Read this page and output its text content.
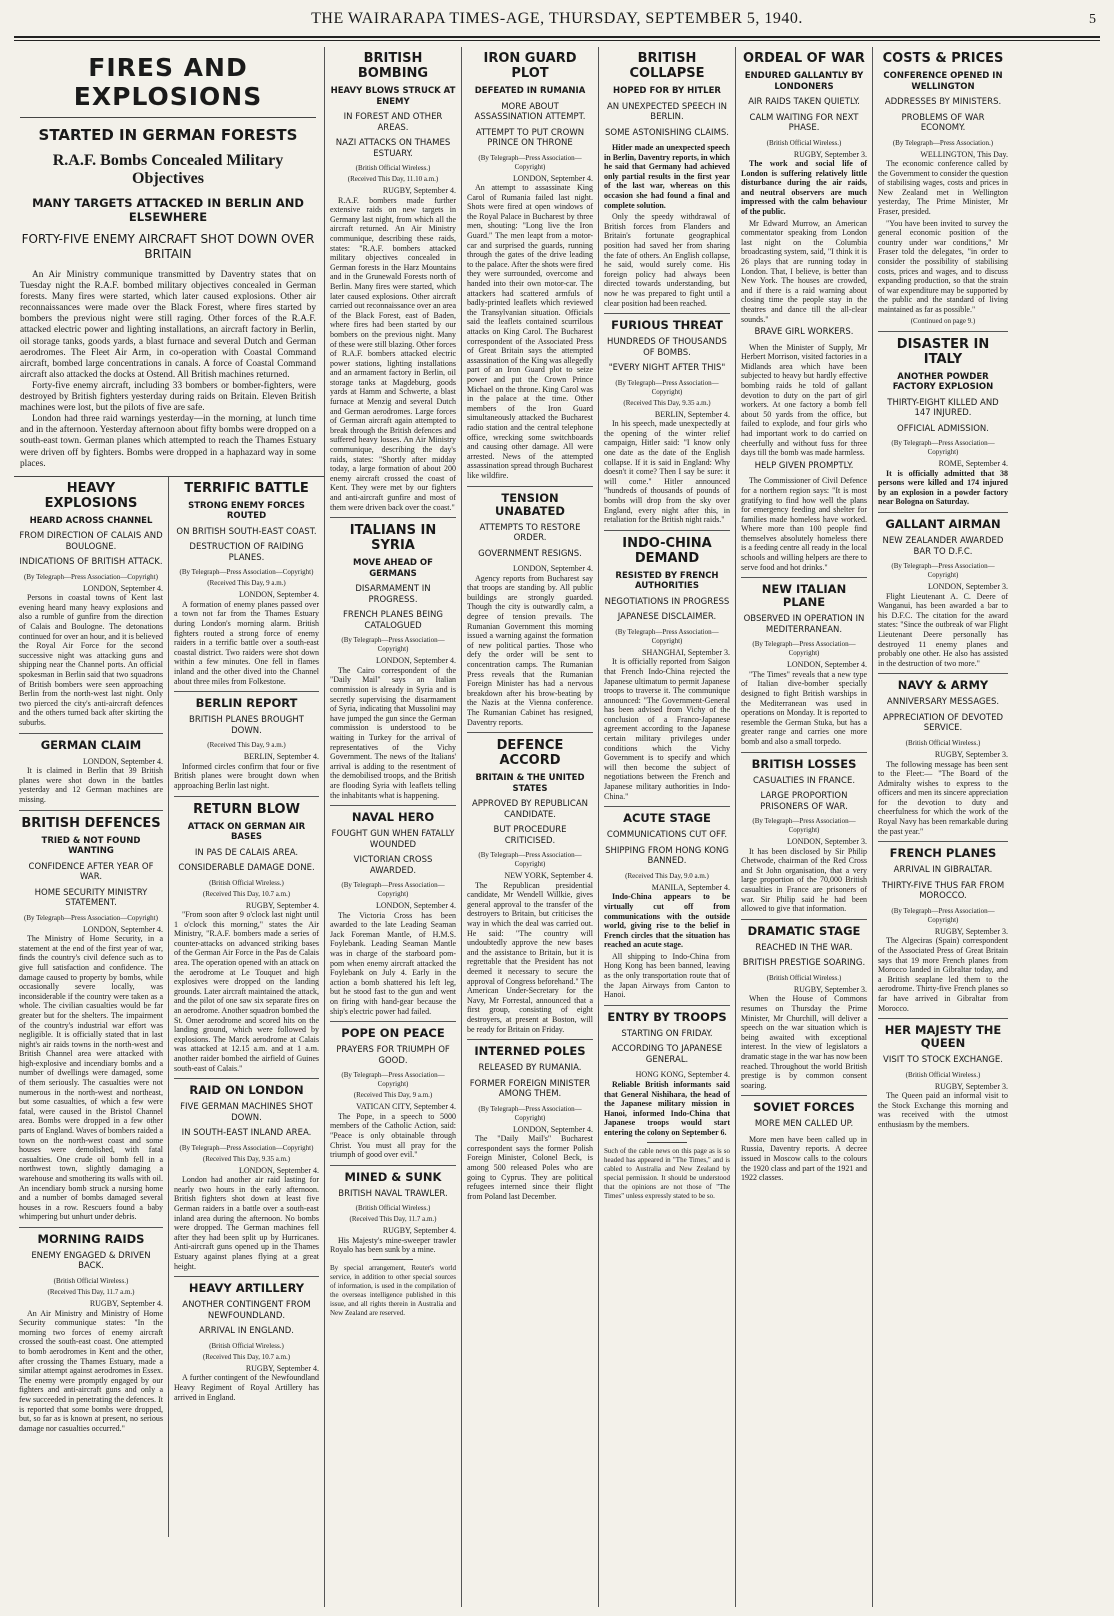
THE WAIRARAPA TIMES-AGE, THURSDAY, SEPTEMBER 5, 1940.	5
FIRES AND EXPLOSIONS
STARTED IN GERMAN FORESTS
R.A.F. Bombs Concealed Military Objectives
MANY TARGETS ATTACKED IN BERLIN AND ELSEWHERE
FORTY-FIVE ENEMY AIRCRAFT SHOT DOWN OVER BRITAIN

An Air Ministry communique transmitted by Daventry states that on Tuesday night the R.A.F. bombed military objectives concealed in German forests. Many fires were started, which later caused explosions. Other air reconnaissances were made over the Black Forest, where fires started by bombers the previous night were still raging. Other forces of the R.A.F. attacked electric power and lighting installations, an aircraft factory in Berlin, oil storage tanks, goods yards, a blast furnace and several Dutch and German aerodromes. The Fleet Air Arm, in co-operation with Coastal Command aircraft, bombed large concentrations in canals. A force of Coastal Command aircraft also attacked the docks at Ostend. All British machines returned.

Forty-five enemy aircraft, including 33 bombers or bomber-fighters, were destroyed by British fighters yesterday during raids on Britain. Eleven British machines were lost, but the pilots of five are safe.

London had three raid warnings yesterday—in the morning, at lunch time and in the afternoon. Yesterday afternoon about fifty bombs were dropped on a south-east town. German planes which attempted to reach the Thames Estuary were driven off by fighters. Bombs were dropped in a haphazard way in some places.

HEAVY EXPLOSIONS
HEARD ACROSS CHANNEL
FROM DIRECTION OF CALAIS AND BOULOGNE.
INDICATIONS OF BRITISH ATTACK.
(By Telegraph—Press Association—Copyright)
LONDON, September 4.

Persons in coastal towns of Kent last evening heard many heavy explosions and also a rumble of gunfire from the direction of Calais and Boulogne. The detonations continued for over an hour, and it is believed the Royal Air Force for the second successive night was attacking guns and shipping near the Channel ports. An official spokesman in Berlin said that two squadrons of British bombers were seen approaching Berlin from the north-west last night. Only two pierced the city's anti-aircraft defences and the others turned back after skirting the suburbs.

GERMAN CLAIM
LONDON, September 4.

It is claimed in Berlin that 39 British planes were shot down in the battles yesterday and 12 German machines are missing.

BRITISH DEFENCES
TRIED & NOT FOUND WANTING
CONFIDENCE AFTER YEAR OF WAR.
HOME SECURITY MINISTRY STATEMENT.
(By Telegraph—Press Association—Copyright)
LONDON, September 4.

The Ministry of Home Security, in a statement at the end of the first year of war, finds the country's civil defence such as to give full satisfaction and confidence. The damage caused to property by bombs, while occasionally severe locally, was inconsiderable if the country were taken as a whole. The civilian casualties would be far greater but for the shelters. The impairment of the country's industrial war effort was negligible. It is officially stated that in last night's air raids towns in the north-west and British Channel area were attacked with high-explosive and incendiary bombs and a number of dwellings were damaged, some of them seriously. The casualties were not numerous in the north-west and northeast, but some casualties, of which a few were fatal, were caused in the Bristol Channel area. Bombs were dropped in a few other parts of England. Waves of bombers raided a town on the north-west coast and some houses were demolished, with fatal casualties. One crude oil bomb fell in a northwest town, slightly damaging a warehouse and smothering its walls with oil. An incendiary bomb struck a nursing home and a number of bombs damaged several houses in a row. Rescuers found a baby whimpering but unhurt under debris.

MORNING RAIDS
ENEMY ENGAGED & DRIVEN BACK.
(British Official Wireless.)
(Received This Day, 11.7 a.m.)
RUGBY, September 4.

An Air Ministry and Ministry of Home Security communique states: "In the morning two forces of enemy aircraft crossed the south-east coast. One attempted to bomb aerodromes in Kent and the other, after crossing the Thames Estuary, made a similar attempt against aerodromes in Essex. The enemy were promptly engaged by our fighters and anti-aircraft guns and only a few succeeded in penetrating the defences. It is reported that some bombs were dropped, but, so far as is known at present, no serious damage nor casualties occurred."

TERRIFIC BATTLE
STRONG ENEMY FORCES ROUTED
ON BRITISH SOUTH-EAST COAST.
DESTRUCTION OF RAIDING PLANES.
(By Telegraph—Press Association—Copyright)
(Received This Day, 9 a.m.)
LONDON, September 4.

A formation of enemy planes passed over a town not far from the Thames Estuary during London's morning alarm. British fighters routed a strong force of enemy raiders in a terrific battle over a south-east coastal district. Two raiders were shot down within a few minutes. One fell in flames inland and the other dived into the Channel about three miles from Folkestone.

BERLIN REPORT
BRITISH PLANES BROUGHT DOWN.
(Received This Day, 9 a.m.)
BERLIN, September 4.

Informed circles confirm that four or five British planes were brought down when approaching Berlin last night.

RETURN BLOW
ATTACK ON GERMAN AIR BASES
IN PAS DE CALAIS AREA.
CONSIDERABLE DAMAGE DONE.
(British Official Wireless.)
(Received This Day, 10.7 a.m.)
RUGBY, September 4.

"From soon after 9 o'clock last night until 1 o'clock this morning," states the Air Ministry, "R.A.F. bombers made a series of counter-attacks on advanced striking bases of the German Air Force in the Pas de Calais area. The operation opened with an attack on the aerodrome at Le Touquet and high explosives were dropped on the landing grounds. Later aircraft maintained the attack, and the pilot of one saw six separate fires on an aerodrome. Another squadron bombed the St. Omer aerodrome and scored hits on the landing ground, which were followed by explosions. The Marck aerodrome at Calais was attacked at 12.15 a.m. and at 1 a.m. another raider bombed the airfield of Guines south-east of Calais."

RAID ON LONDON
FIVE GERMAN MACHINES SHOT DOWN.
IN SOUTH-EAST INLAND AREA.
(By Telegraph—Press Association—Copyright)
(Received This Day, 9.35 a.m.)
LONDON, September 4.

London had another air raid lasting for nearly two hours in the early afternoon. British fighters shot down at least five German raiders in a battle over a south-east inland area during the afternoon. No bombs were dropped. The German machines fell after they had been split up by Hurricanes. Anti-aircraft guns opened up in the Thames Estuary against planes flying at a great height.

HEAVY ARTILLERY
ANOTHER CONTINGENT FROM NEWFOUNDLAND.
ARRIVAL IN ENGLAND.
(British Official Wireless.)
(Received This Day, 10.7 a.m.)
RUGBY, September 4.

A further contingent of the Newfoundland Heavy Regiment of Royal Artillery has arrived in England.

BRITISH BOMBING
HEAVY BLOWS STRUCK AT ENEMY
IN FOREST AND OTHER AREAS.
NAZI ATTACKS ON THAMES ESTUARY.
(British Official Wireless.)
(Received This Day, 11.10 a.m.)
RUGBY, September 4.

R.A.F. bombers made further extensive raids on new targets in Germany last night, from which all the aircraft returned. An Air Ministry communique, describing these raids, states: "R.A.F. bombers attacked military objectives concealed in German forests in the Harz Mountains and in the Grunewald Forests north of Berlin. Many fires were started, which later caused explosions. Other aircraft carried out reconnaissance over an area of the Black Forest, east of Baden, where fires had been started by our bombers on the previous night. Many of these were still blazing. Other forces of R.A.F. bombers attacked electric power stations, lighting installations and an armament factory in Berlin, oil storage tanks at Magdeburg, goods yards at Hamm and Schwerte, a blast furnace at Menzig and several Dutch and German aerodromes. Large forces of German aircraft again attempted to break through the British defences and suffered heavy losses. An Air Ministry communique, describing the day's raids, states: "Shortly after midday today, a large formation of about 200 enemy aircraft crossed the coast of Kent. They were met by our fighters and anti-aircraft gunfire and most of them were driven back over the coast."

ITALIANS IN SYRIA
MOVE AHEAD OF GERMANS
DISARMAMENT IN PROGRESS.
FRENCH PLANES BEING CATALOGUED
(By Telegraph—Press Association—Copyright)
LONDON, September 4.

The Cairo correspondent of the "Daily Mail" says an Italian commission is already in Syria and is secretly supervising the disarmament of Syria, indicating that Mussolini may have jumped the gun since the German commission is understood to be waiting in Turkey for the arrival of representatives of the Vichy Government. The news of the Italians' arrival is adding to the resentment of the demobilised troops, and the British are flooding Syria with leaflets telling the inhabitants what is happening.

NAVAL HERO
FOUGHT GUN WHEN FATALLY WOUNDED
VICTORIAN CROSS AWARDED.
(By Telegraph—Press Association—Copyright)
LONDON, September 4.

The Victoria Cross has been awarded to the late Leading Seaman Jack Foreman Mantle, of H.M.S. Foylebank. Leading Seaman Mantle was in charge of the starboard pom-pom when enemy aircraft attacked the Foylebank on July 4. Early in the action a bomb shattered his left leg, but he stood fast to the gun and went on firing with hand-gear because the ship's electric power had failed.

POPE ON PEACE
PRAYERS FOR TRIUMPH OF GOOD.
(By Telegraph—Press Association—Copyright)
(Received This Day, 9 a.m.)
VATICAN CITY, September 4.

The Pope, in a speech to 5000 members of the Catholic Action, said: "Peace is only obtainable through Christ. You must all pray for the triumph of good over evil."

MINED & SUNK
BRITISH NAVAL TRAWLER.
(British Official Wireless.)
(Received This Day, 11.7 a.m.)
RUGBY, September 4.

His Majesty's mine-sweeper trawler Royalo has been sunk by a mine.

By special arrangement, Reuter's world service, in addition to other special sources of information, is used in the compilation of the overseas intelligence published in this issue, and all rights therein in Australia and New Zealand are reserved.

IRON GUARD PLOT
DEFEATED IN RUMANIA
MORE ABOUT ASSASSINATION ATTEMPT.
ATTEMPT TO PUT CROWN PRINCE ON THRONE
(By Telegraph—Press Association—Copyright)
LONDON, September 4.

An attempt to assassinate King Carol of Rumania failed last night. Shots were fired at open windows of the Royal Palace in Bucharest by three men, shouting: "Long live the Iron Guard." The men leapt from a motor-car and surprised the guards, running through the gates of the drive leading to the palace. After the shots were fired they were surrounded, overcome and handed into their own motor-car. The attackers had scattered armfuls of badly-printed leaflets which reviewed the Transylvanian situation. Officials said the leaflets contained scurrilous attacks on King Carol. The Bucharest correspondent of the Associated Press of Great Britain says the attempted assassination of the King was allegedly part of an Iron Guard plot to seize power and put the Crown Prince Michael on the throne. King Carol was in the palace at the time. Other members of the Iron Guard simultaneously attacked the Bucharest radio station and the central telephone office, wrecking some switchboards and causing other damage. All were arrested. News of the attempted assassination spread through Bucharest like wildfire.

TENSION UNABATED
ATTEMPTS TO RESTORE ORDER.
GOVERNMENT RESIGNS.
LONDON, September 4.

Agency reports from Bucharest say that troops are standing by. All public buildings are strongly guarded. Though the city is outwardly calm, a degree of tension prevails. The Rumanian Government this morning issued a warning against the formation of new political parties. Those who defy the order will be sent to concentration camps. The Rumanian Press reveals that the Rumanian Foreign Minister has had a nervous breakdown after his brow-beating by the Nazis at the Vienna conference. The Rumanian Cabinet has resigned, Daventry reports.

DEFENCE ACCORD
BRITAIN & THE UNITED STATES
APPROVED BY REPUBLICAN CANDIDATE.
BUT PROCEDURE CRITICISED.
(By Telegraph—Press Association—Copyright)
NEW YORK, September 4.

The Republican presidential candidate, Mr Wendell Willkie, gives general approval to the transfer of the destroyers to Britain, but criticises the way in which the deal was carried out. He said: "The country will undoubtedly approve the new bases and the assistance to Britain, but it is regrettable that the President has not deemed it necessary to secure the approval of Congress beforehand." The American Under-Secretary for the Navy, Mr Forrestal, announced that a first group, consisting of eight destroyers, at present at Boston, will be ready for Britain on Friday.

INTERNED POLES
RELEASED BY RUMANIA.
FORMER FOREIGN MINISTER AMONG THEM.
(By Telegraph—Press Association—Copyright)
LONDON, September 4.

The "Daily Mail's" Bucharest correspondent says the former Polish Foreign Minister, Colonel Beck, is among 500 released Poles who are going to Cyprus. They are political refugees interned since their flight from Poland last December.

BRITISH COLLAPSE
HOPED FOR BY HITLER
AN UNEXPECTED SPEECH IN BERLIN.
SOME ASTONISHING CLAIMS.

Hitler made an unexpected speech in Berlin, Daventry reports, in which he said that Germany had achieved only partial results in the first year of the last war, whereas on this occasion she had found a final and complete solution.

Only the speedy withdrawal of British forces from Flanders and Britain's fortunate geographical position had saved her from sharing the fate of others. An English collapse, he said, would surely come. His foreign policy had always been directed towards understanding, but now he was prepared to fight until a clear position had been reached.

FURIOUS THREAT
HUNDREDS OF THOUSANDS OF BOMBS.
"EVERY NIGHT AFTER THIS"
(By Telegraph—Press Association—Copyright)
(Received This Day, 9.35 a.m.)
BERLIN, September 4.

In his speech, made unexpectedly at the opening of the winter relief campaign, Hitler said: "I know only one date as the date of the English collapse. If it is said in England: Why doesn't it come? Then I say be sure: it will come." Hitler announced "hundreds of thousands of pounds of bombs will drop from the sky over England, every night after this, in retaliation for the British night raids."

INDO-CHINA DEMAND
RESISTED BY FRENCH AUTHORITIES
NEGOTIATIONS IN PROGRESS
JAPANESE DISCLAIMER.
(By Telegraph—Press Association—Copyright)
SHANGHAI, September 3.

It is officially reported from Saigon that French Indo-China rejected the Japanese ultimatum to permit Japanese troops to traverse it. The communique announced: "The Government-General has been advised from Vichy of the conclusion of a Franco-Japanese agreement according to the Japanese certain military privileges under conditions which the Vichy Government is to specify and which will then become the subject of negotiations between the French and Japanese military authorities in Indo-China."

ACUTE STAGE
COMMUNICATIONS CUT OFF.
SHIPPING FROM HONG KONG BANNED.
(Received This Day, 9.0 a.m.)
MANILA, September 4.

Indo-China appears to be virtually cut off from communications with the outside world, giving rise to the belief in French circles that the situation has reached an acute stage.

All shipping to Indo-China from Hong Kong has been banned, leaving as the only transportation route that of the Japan Airways from Canton to Hanoi.

ENTRY BY TROOPS
STARTING ON FRIDAY.
ACCORDING TO JAPANESE GENERAL.
HONG KONG, September 4.

Reliable British informants said that General Nishihara, the head of the Japanese military mission in Hanoi, informed Indo-China that Japanese troops would start entering the colony on September 6.

Such of the cable news on this page as is so headed has appeared in "The Times," and is cabled to Australia and New Zealand by special permission. It should be understood that the opinions are not those of "The Times" unless expressly stated to be so.

ORDEAL OF WAR
ENDURED GALLANTLY BY LONDONERS
AIR RAIDS TAKEN QUIETLY.
CALM WAITING FOR NEXT PHASE.
(British Official Wireless.)
RUGBY, September 3.

The work and social life of London is suffering relatively little disturbance during the air raids, and neutral observers are much impressed with the calm behaviour of the public.

Mr Edward Murrow, an American commentator speaking from London last night on the Columbia broadcasting system, said, "I think it is 26 plays that are running today in London. That, I believe, is better than New York. The houses are crowded, and if there is a raid warning about closing time the people stay in the theatres and dance till the all-clear sounds."

BRAVE GIRL WORKERS.

When the Minister of Supply, Mr Herbert Morrison, visited factories in a Midlands area which have been subjected to heavy but hardly effective bombing raids he told of gallant devotion to duty on the part of girl workers. At one factory a bomb fell about 50 yards from the office, but failed to explode, and four girls who had important work to do carried on cheerfully and without fuss for three days till the bomb was made harmless.

HELP GIVEN PROMPTLY.

The Commissioner of Civil Defence for a northern region says: "It is most gratifying to find how well the plans for emergency feeding and shelter for families made homeless have worked. Where more than 100 people find themselves absolutely homeless there is a feeding centre all ready in the local schools and willing helpers are there to serve food and hot drinks."

NEW ITALIAN PLANE
OBSERVED IN OPERATION IN MEDITERRANEAN.
(By Telegraph—Press Association—Copyright)
LONDON, September 4.

"The Times" reveals that a new type of Italian dive-bomber specially designed to fight British warships in the Mediterranean was used in operations on Monday. It is reported to resemble the German Stuka, but has a greater range and carries one more bomb and also a small torpedo.

BRITISH LOSSES
CASUALTIES IN FRANCE.
LARGE PROPORTION PRISONERS OF WAR.
(By Telegraph—Press Association—Copyright)
LONDON, September 3.

It has been disclosed by Sir Philip Chetwode, chairman of the Red Cross and St John organisation, that a very large proportion of the 70,000 British casualties in France are prisoners of war. Sir Philip said he had been allowed to give that information.

DRAMATIC STAGE
REACHED IN THE WAR.
BRITISH PRESTIGE SOARING.
(British Official Wireless.)
RUGBY, September 3.

When the House of Commons resumes on Thursday the Prime Minister, Mr Churchill, will deliver a speech on the war situation which is being awaited with exceptional interest. In the view of legislators a dramatic stage in the war has now been reached. Throughout the world British prestige is by common consent soaring.

SOVIET FORCES
MORE MEN CALLED UP.

More men have been called up in Russia, Daventry reports. A decree issued in Moscow calls to the colours the 1920 class and part of the 1921 and 1922 classes.

COSTS & PRICES
CONFERENCE OPENED IN WELLINGTON
ADDRESSES BY MINISTERS.
PROBLEMS OF WAR ECONOMY.
(By Telegraph—Press Association.)
WELLINGTON, This Day.

The economic conference called by the Government to consider the question of stabilising wages, costs and prices in New Zealand met in Wellington yesterday, The Prime Minister, Mr Fraser, presided.

"You have been invited to survey the general economic position of the country under war conditions," Mr Fraser told the delegates, "in order to consider the possibility of stabilising costs, prices and wages, and to discuss expanding production, so that the strain of war expenditure may be supported by the public and the standard of living maintained as far as possible."

(Continued on page 9.)
DISASTER IN ITALY
ANOTHER POWDER FACTORY EXPLOSION
THIRTY-EIGHT KILLED AND 147 INJURED.
OFFICIAL ADMISSION.
(By Telegraph—Press Association—Copyright)
ROME, September 4.

It is officially admitted that 38 persons were killed and 174 injured by an explosion in a powder factory near Bologna on Saturday.

GALLANT AIRMAN
NEW ZEALANDER AWARDED BAR TO D.F.C.
(By Telegraph—Press Association—Copyright)
LONDON, September 3.

Flight Lieutenant A. C. Deere of Wanganui, has been awarded a bar to his D.F.C. The citation for the award states: "Since the outbreak of war Flight Lieutenant Deere personally has destroyed 11 enemy planes and probably one other. He also has assisted in the destruction of two more."

NAVY & ARMY
ANNIVERSARY MESSAGES.
APPRECIATION OF DEVOTED SERVICE.
(British Official Wireless.)
RUGBY, September 3.

The following message has been sent to the Fleet:— "The Board of the Admiralty wishes to express to the officers and men its sincere appreciation for the devotion to duty and cheerfulness for which the work of the Royal Navy has been remarkable during the past year."

FRENCH PLANES
ARRIVAL IN GIBRALTAR.
THIRTY-FIVE THUS FAR FROM MOROCCO.
(By Telegraph—Press Association—Copyright)
RUGBY, September 3.

The Algeciras (Spain) correspondent of the Associated Press of Great Britain says that 19 more French planes from Morocco landed in Gibraltar today, and a British seaplane led them to the aerodrome. Thirty-five French planes so far have arrived in Gibraltar from Morocco.

HER MAJESTY THE QUEEN
VISIT TO STOCK EXCHANGE.
(British Official Wireless.)
RUGBY, September 3.

The Queen paid an informal visit to the Stock Exchange this morning and was received with the utmost enthusiasm by the members.
